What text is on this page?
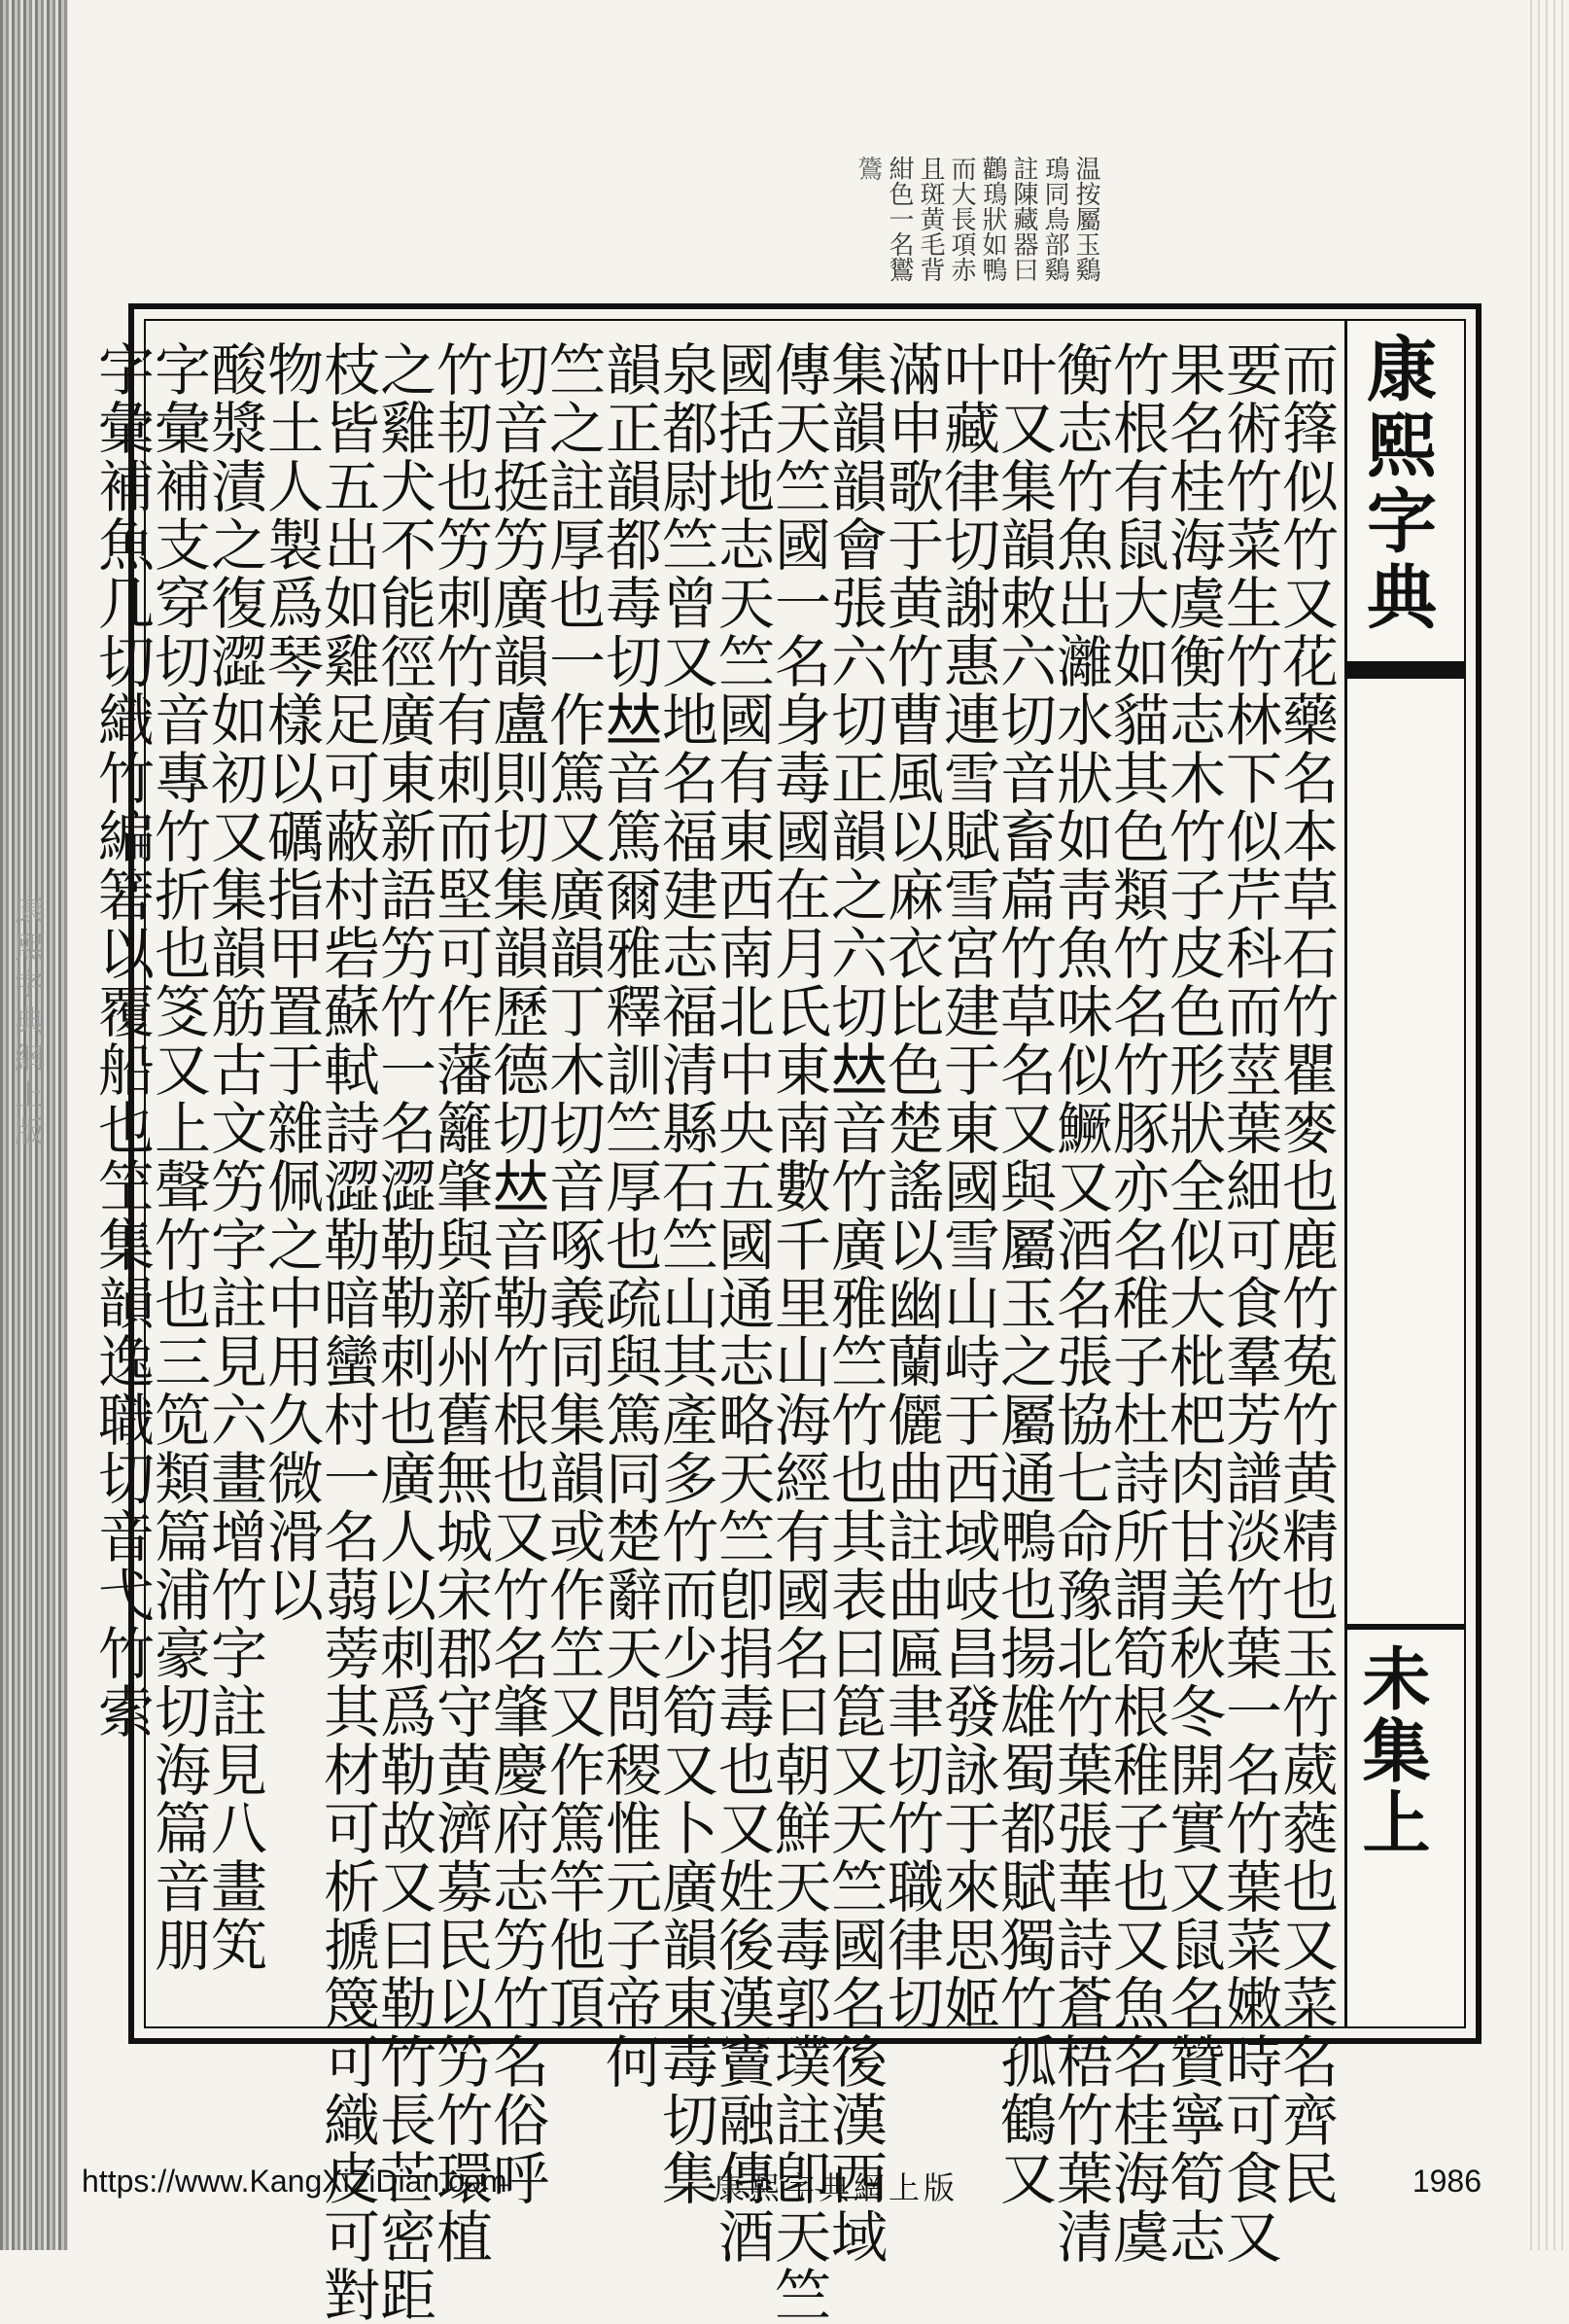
康熙字典網上版
温按屬玉鷄
鳿同鳥部鷄
註陳藏器曰
鸛鳿狀如鴨
而大長項赤
且斑黄毛背
紺色一名鸑
鷟
康熙字典
未集上
而箨似竹又花藥名本草石竹瞿麥也鹿竹菟竹黄精也玉竹葳蕤也又菜名齊民
要術竹菜生竹林下似芹科而莖葉細可食羣芳譜淡竹葉一名竹葉菜嫩時可食又
果名桂海虞衡志木竹子皮色形狀全似大枇杷肉甘美秋冬開實又鼠名贊寧筍志
竹根有鼠大如貓其色類竹名竹豚亦名稚子杜詩所謂筍根稚子也又魚名桂海虞
衡志竹魚出灕水狀如靑魚味似鱖又酒名張協七命豫北竹葉張華詩蒼梧竹葉清
叶又集韻敕六切音畜萹竹草名又與屬玉之屬通鴨也揚雄蜀都賦獨竹孤鶴又
叶藏律切謝惠連雪賦雪宮建于東國雪山峙于西域岐昌發詠于來思姬
滿申歌于黄竹曹風以麻衣比色楚謠以幽蘭儷曲註曲匾聿切竹職律切
集韻韻會張六切正韻之六切𠀤音竹廣雅竺竹也其表曰箟又天竺國名後漢西域
傳天竺國一名身毒國在月氏東南數千里山海經有國名曰朝鮮天毒郭璞註卽天竺
國括地志天竺國有東西南北中央五國通志略天竺卽捐毒也又姓後漢竇融傳酒
泉都尉竺曾又地名福建志福清縣石竺山其產多竹而少筍又卜廣韻東毒切集
韻正韻都毒切𠀤音篤爾雅釋訓竺厚也疏與篤同楚辭天問稷惟元子帝何
竺之註厚也一作篤又廣韻丁木切音啄義同集韻或作笁又作篤竿他頂
切音挺竻廣韻盧則切集韻歷德切𠀤音勒竹根也又竹名肇慶府志竻竹名俗呼
竹㓞也竻刺竹有刺而堅可作藩籬肇與新州舊無城宋郡守黄濟募民以竻竹環植
之雞犬不能徑廣東新語竻竹一名澀勒勒刺也廣人以刺爲勒故又曰勒竹長芒密距
枝皆五出如雞足可蔽村砦蘇軾詩澀勒暗蠻村一名蒻蒡其材可析搋篾可織皮可對
物土人製爲琴樣以礪指甲置于雜佩之中用久微滑以
酸漿漬之復澀如初又集韻筋古文竻字註見六畫增竹字註見八畫笂
字彙補支穿切音專竹折也笅又上聲竹也三笕類篇浦豪切海篇音朋
字彙補魚几切織竹編箬以覆船也笁集韻逸職切音弋竹索
https://www.KangXiZiDian.com	康熙字典網上版	1986
